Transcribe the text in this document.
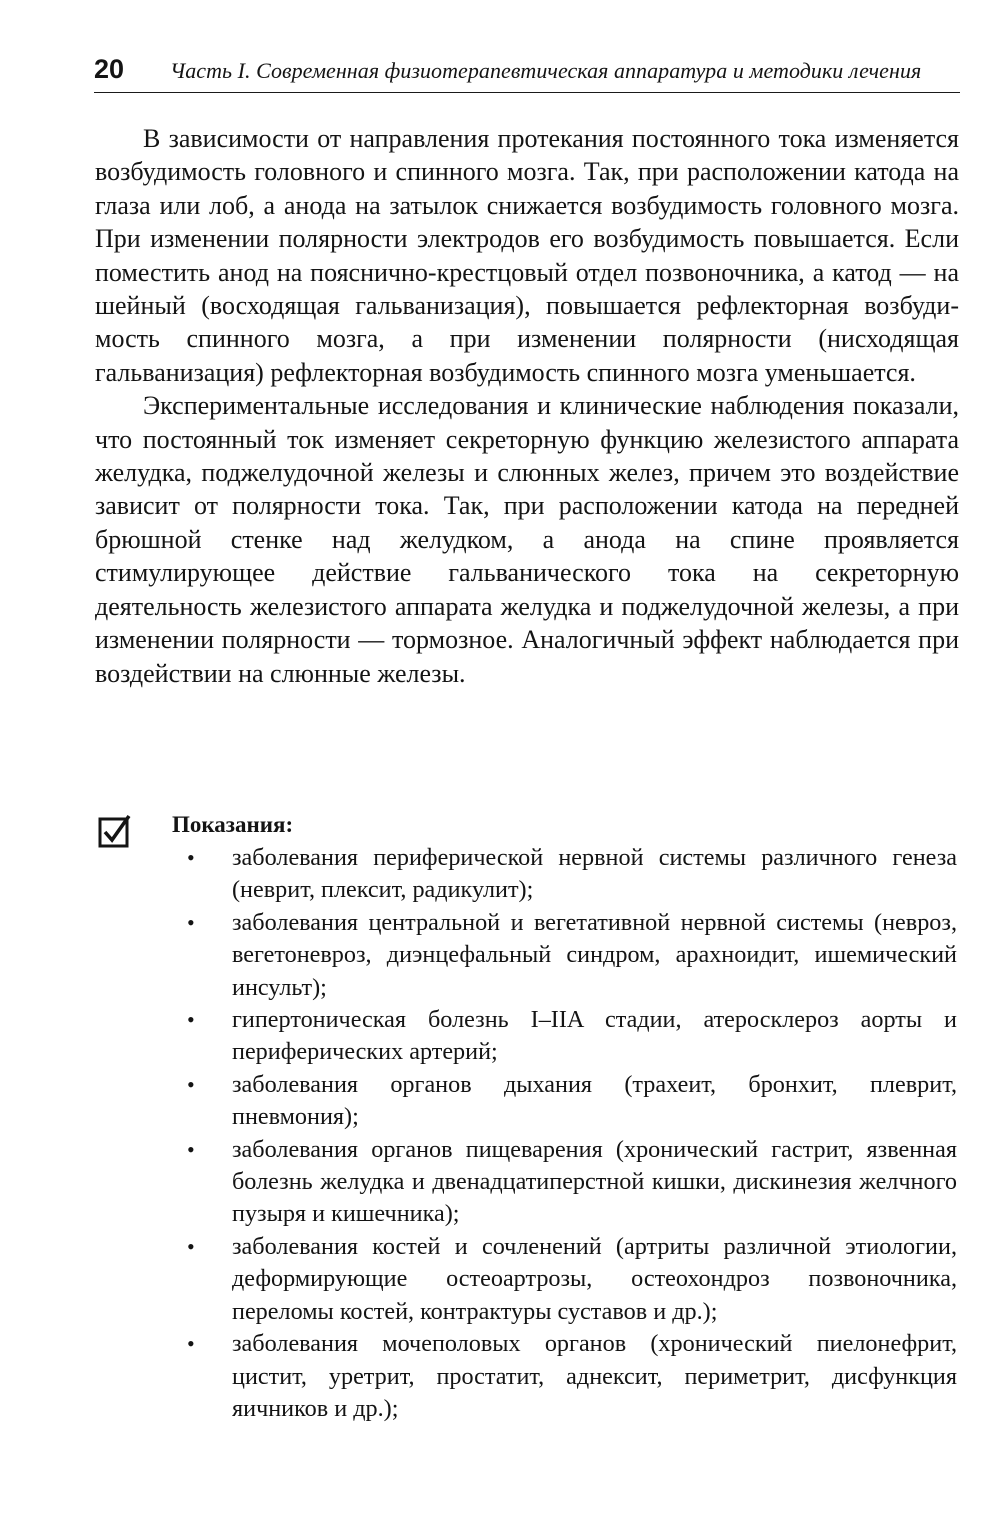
20	Часть I. Современная физиотерапевтическая аппаратура и методики лечения

В зависимости от направления протекания постоянного тока изменяется возбудимость головного и спинного мозга. Так, при расположении катода на глаза или лоб, а анода на затылок снижается возбудимость головного мозга. При изменении полярности электродов его возбудимость повышается. Если поместить анод на пояснично-крестцовый отдел позвоночника, а катод — на шейный (восходящая гальванизация), повышается рефлекторная возбудимость спинного мозга, а при изменении полярности (нисходящая гальванизация) рефлекторная возбудимость спинного мозга уменьшается.

Экспериментальные исследования и клинические наблюдения показали, что постоянный ток изменяет секреторную функцию железистого аппарата желудка, поджелудочной железы и слюнных желез, причем это воздействие зависит от полярности тока. Так, при расположении катода на передней брюшной стенке над желудком, а анода на спине проявляется стимулирующее действие гальванического тока на секреторную деятельность железистого аппарата желудка и поджелудочной железы, а при изменении полярности — тормозное. Аналогичный эффект наблюдается при воздействии на слюнные железы.

Показания:
• заболевания периферической нервной системы различного генеза (неврит, плексит, радикулит);
• заболевания центральной и вегетативной нервной системы (невроз, вегетоневроз, диэнцефальный синдром, арахноидит, ишемический инсульт);
• гипертоническая болезнь I–IIA стадии, атеросклероз аорты и периферических артерий;
• заболевания органов дыхания (трахеит, бронхит, плеврит, пневмония);
• заболевания органов пищеварения (хронический гастрит, язвенная болезнь желудка и двенадцатиперстной кишки, дискинезия желчного пузыря и кишечника);
• заболевания костей и сочленений (артриты различной этиологии, деформирующие остеоартрозы, остеохондроз позвоночника, переломы костей, контрактуры суставов и др.);
• заболевания мочеполовых органов (хронический пиелонефрит, цистит, уретрит, простатит, аднексит, периметрит, дисфункция яичников и др.);
